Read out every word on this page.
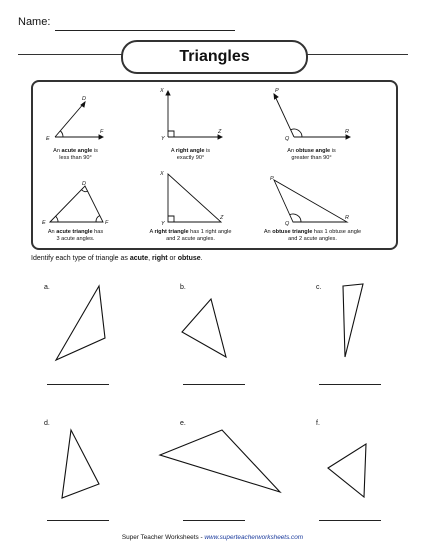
Name:
Triangles
E
D
F
X
Y
Z
P
Q
R
D
E	F
X
Y
Z
P
Q
R
An acute angle is
less than 90°
A right angle is
exactly 90°
An obtuse angle is
greater than 90°
An acute triangle has
3 acute angles.
A right triangle has 1 right angle
and 2 acute angles.
An obtuse triangle has 1 obtuse angle
and 2 acute angles.
Identify each type of triangle as acute, right or obtuse.
a.	b.	c.
d.	e.	f.
Super Teacher Worksheets - www.superteacherworksheets.com
